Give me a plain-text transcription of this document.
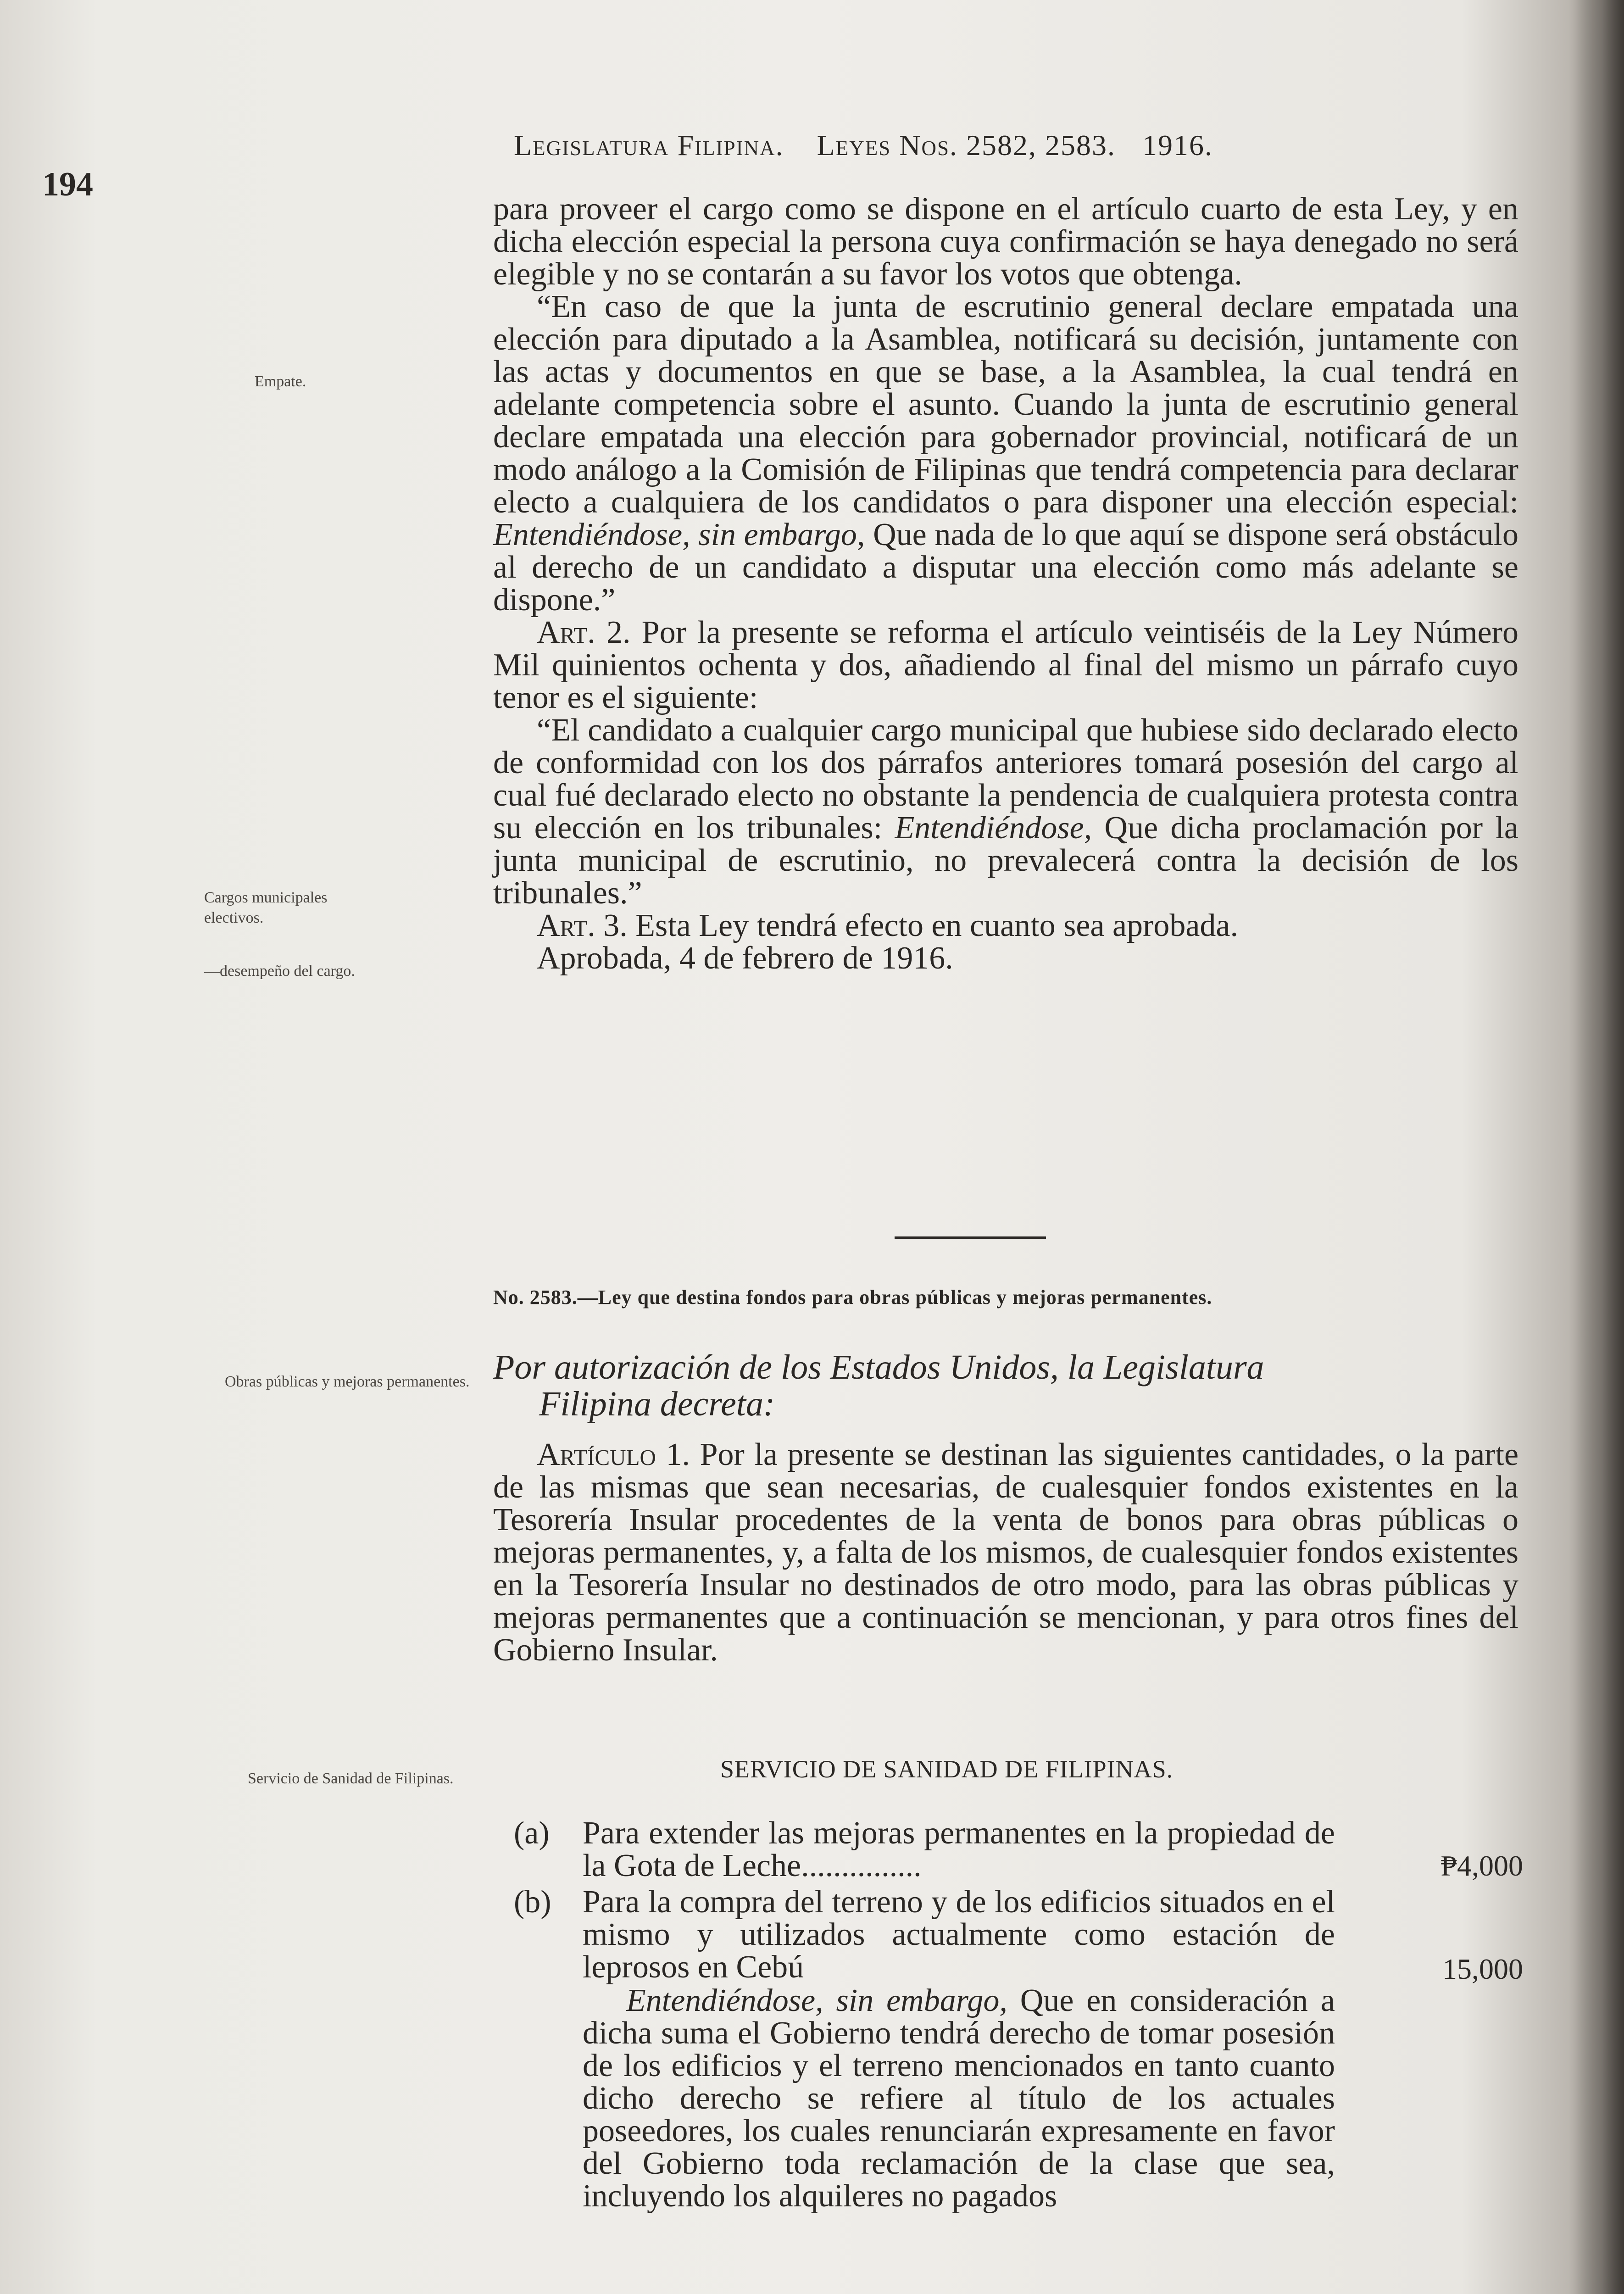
194
Legislatura Filipina. Leyes Nos. 2582, 2583. 1916.
Empate.
Cargos municipales electivos.
—desempeño del cargo.
Obras públicas y mejoras permanentes.
Servicio de Sanidad de Filipinas.

para proveer el cargo como se dispone en el artículo cuarto de esta Ley, y en dicha elección especial la persona cuya confirmación se haya denegado no será elegible y no se contarán a su favor los votos que obtenga.

“En caso de que la junta de escrutinio general declare empatada una elección para diputado a la Asamblea, notificará su decisión, juntamente con las actas y documentos en que se base, a la Asamblea, la cual tendrá en adelante competencia sobre el asunto. Cuando la junta de escrutinio general declare empatada una elección para gobernador provincial, notificará de un modo análogo a la Comisión de Filipinas que tendrá competencia para declarar electo a cualquiera de los candidatos o para disponer una elección especial: Entendiéndose, sin embargo, Que nada de lo que aquí se dispone será obstáculo al derecho de un candidato a disputar una elección como más adelante se dispone.”

Art. 2. Por la presente se reforma el artículo veintiséis de la Ley Número Mil quinientos ochenta y dos, añadiendo al final del mismo un párrafo cuyo tenor es el siguiente:

“El candidato a cualquier cargo municipal que hubiese sido declarado electo de conformidad con los dos párrafos anteriores tomará posesión del cargo al cual fué declarado electo no obstante la pendencia de cualquiera protesta contra su elección en los tribunales: Entendiéndose, Que dicha proclamación por la junta municipal de escrutinio, no prevalecerá contra la decisión de los tribunales.”

Art. 3. Esta Ley tendrá efecto en cuanto sea aprobada.

Aprobada, 4 de febrero de 1916.

No. 2583.—Ley que destina fondos para obras públicas y mejoras permanentes.
Por autorización de los Estados Unidos, la Legislatura
Filipina decreta:

Artículo 1. Por la presente se destinan las siguientes cantidades, o la parte de las mismas que sean necesarias, de cualesquier fondos existentes en la Tesorería Insular procedentes de la venta de bonos para obras públicas o mejoras permanentes, y, a falta de los mismos, de cualesquier fondos existentes en la Tesorería Insular no destinados de otro modo, para las obras públicas y mejoras permanentes que a continuación se mencionan, y para otros fines del Gobierno Insular.

SERVICIO DE SANIDAD DE FILIPINAS.
(a) Para extender las mejoras permanentes en la propiedad de la Gota de Leche...............	₱4,000
(b) Para la compra del terreno y de los edificios situados en el mismo y utilizados actualmente como estación de leprosos en Cebú	15,000
Entendiéndose, sin embargo, Que en consideración a dicha suma el Gobierno tendrá derecho de tomar posesión de los edificios y el terreno mencionados en tanto cuanto dicho derecho se refiere al título de los actuales poseedores, los cuales renunciarán expresamente en favor del Gobierno toda reclamación de la clase que sea, incluyendo los alquileres no pagados
